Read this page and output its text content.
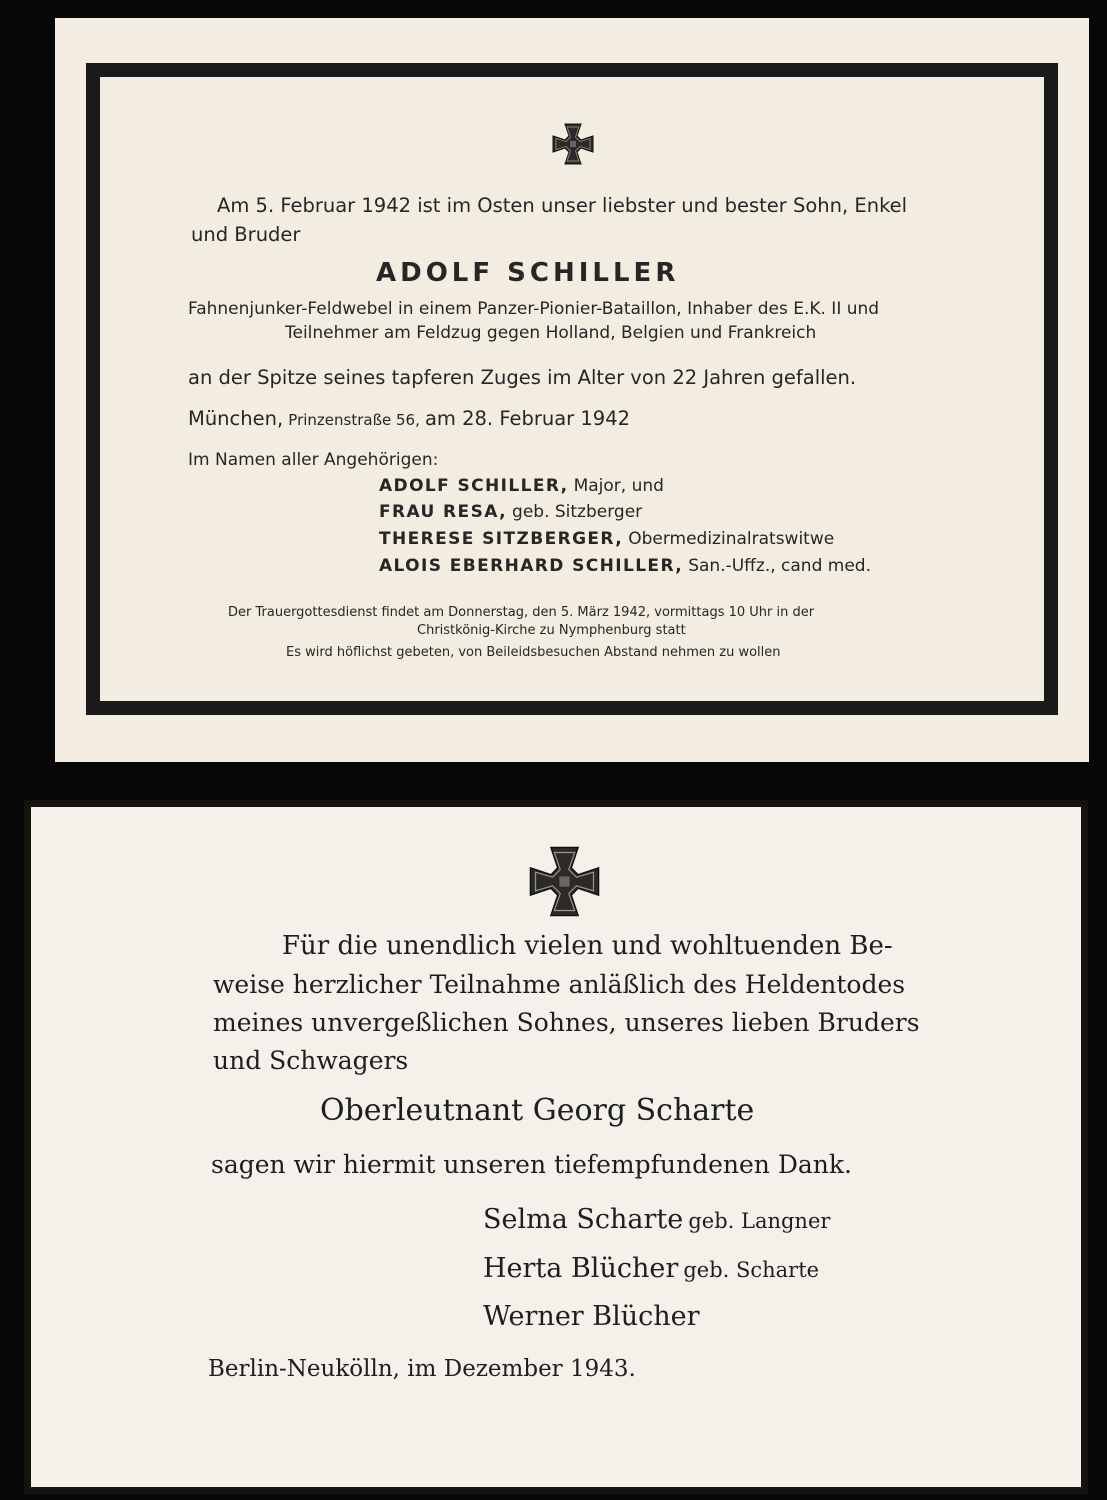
Am 5. Februar 1942 ist im Osten unser liebster und bester Sohn, Enkel
und Bruder
ADOLF SCHILLER
Fahnenjunker-Feldwebel in einem Panzer-Pionier-Bataillon, Inhaber des E.K. II und
Teilnehmer am Feldzug gegen Holland, Belgien und Frankreich
an der Spitze seines tapferen Zuges im Alter von 22 Jahren gefallen.
München, Prinzenstraße 56, am 28. Februar 1942
Im Namen aller Angehörigen:
ADOLF SCHILLER, Major, und
FRAU RESA, geb. Sitzberger
THERESE SITZBERGER, Obermedizinalratswitwe
ALOIS EBERHARD SCHILLER, San.-Uffz., cand med.
Der Trauergottesdienst findet am Donnerstag, den 5. März 1942, vormittags 10 Uhr in der
Christkönig-Kirche zu Nymphenburg statt
Es wird höflichst gebeten, von Beileidsbesuchen Abstand nehmen zu wollen
Für die unendlich vielen und wohltuenden Be-
weise herzlicher Teilnahme anläßlich des Heldentodes
meines unvergeßlichen Sohnes, unseres lieben Bruders
und Schwagers
Oberleutnant Georg Scharte
sagen wir hiermit unseren tiefempfundenen Dank.
Selma Scharte geb. Langner
Herta Blücher geb. Scharte
Werner Blücher
Berlin-Neukölln, im Dezember 1943.
